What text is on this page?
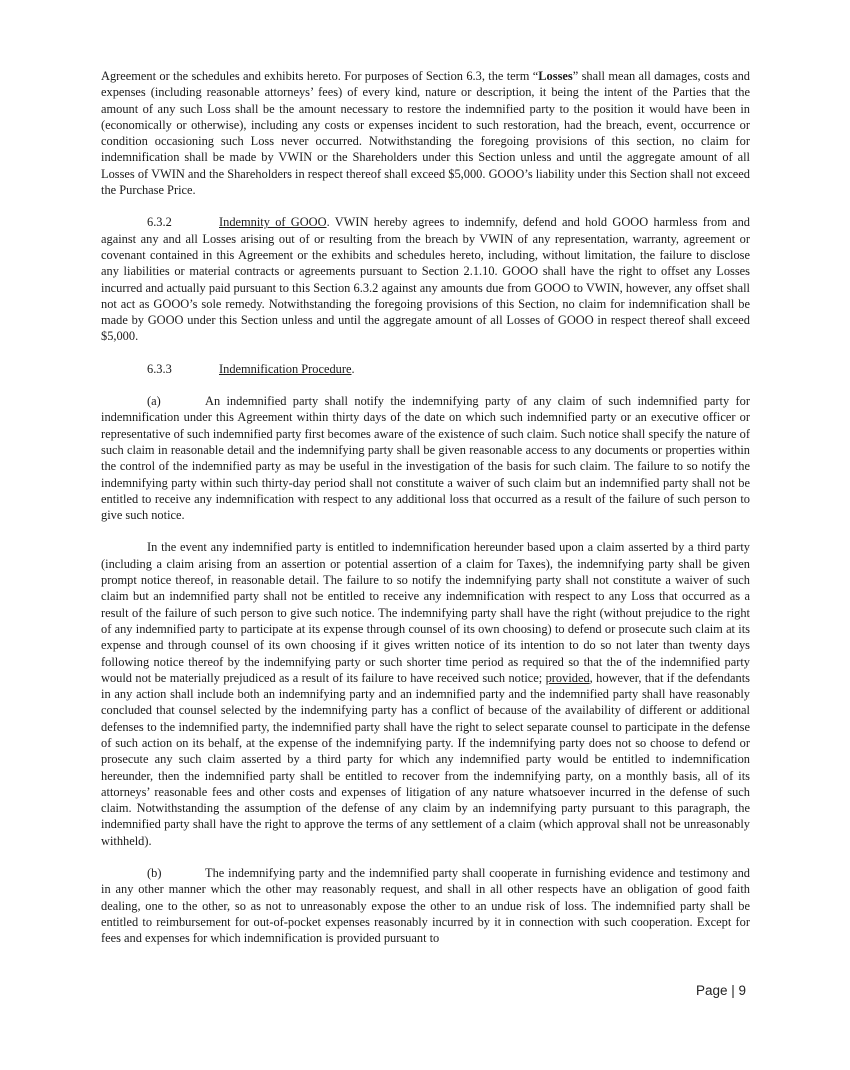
Agreement or the schedules and exhibits hereto. For purposes of Section 6.3, the term “Losses” shall mean all damages, costs and expenses (including reasonable attorneys’ fees) of every kind, nature or description, it being the intent of the Parties that the amount of any such Loss shall be the amount necessary to restore the indemnified party to the position it would have been in (economically or otherwise), including any costs or expenses incident to such restoration, had the breach, event, occurrence or condition occasioning such Loss never occurred. Notwithstanding the foregoing provisions of this section, no claim for indemnification shall be made by VWIN or the Shareholders under this Section unless and until the aggregate amount of all Losses of VWIN and the Shareholders in respect thereof shall exceed $5,000. GOOO’s liability under this Section shall not exceed the Purchase Price.

6.3.2	Indemnity of GOOO. VWIN hereby agrees to indemnify, defend and hold GOOO harmless from and against any and all Losses arising out of or resulting from the breach by VWIN of any representation, warranty, agreement or covenant contained in this Agreement or the exhibits and schedules hereto, including, without limitation, the failure to disclose any liabilities or material contracts or agreements pursuant to Section 2.1.10. GOOO shall have the right to offset any Losses incurred and actually paid pursuant to this Section 6.3.2 against any amounts due from GOOO to VWIN, however, any offset shall not act as GOOO’s sole remedy. Notwithstanding the foregoing provisions of this Section, no claim for indemnification shall be made by GOOO under this Section unless and until the aggregate amount of all Losses of GOOO in respect thereof shall exceed $5,000.

6.3.3	Indemnification Procedure.

(a)	An indemnified party shall notify the indemnifying party of any claim of such indemnified party for indemnification under this Agreement within thirty days of the date on which such indemnified party or an executive officer or representative of such indemnified party first becomes aware of the existence of such claim. Such notice shall specify the nature of such claim in reasonable detail and the indemnifying party shall be given reasonable access to any documents or properties within the control of the indemnified party as may be useful in the investigation of the basis for such claim. The failure to so notify the indemnifying party within such thirty-day period shall not constitute a waiver of such claim but an indemnified party shall not be entitled to receive any indemnification with respect to any additional loss that occurred as a result of the failure of such person to give such notice.

In the event any indemnified party is entitled to indemnification hereunder based upon a claim asserted by a third party (including a claim arising from an assertion or potential assertion of a claim for Taxes), the indemnifying party shall be given prompt notice thereof, in reasonable detail. The failure to so notify the indemnifying party shall not constitute a waiver of such claim but an indemnified party shall not be entitled to receive any indemnification with respect to any Loss that occurred as a result of the failure of such person to give such notice. The indemnifying party shall have the right (without prejudice to the right of any indemnified party to participate at its expense through counsel of its own choosing) to defend or prosecute such claim at its expense and through counsel of its own choosing if it gives written notice of its intention to do so not later than twenty days following notice thereof by the indemnifying party or such shorter time period as required so that the of the indemnified party would not be materially prejudiced as a result of its failure to have received such notice; provided, however, that if the defendants in any action shall include both an indemnifying party and an indemnified party and the indemnified party shall have reasonably concluded that counsel selected by the indemnifying party has a conflict of because of the availability of different or additional defenses to the indemnified party, the indemnified party shall have the right to select separate counsel to participate in the defense of such action on its behalf, at the expense of the indemnifying party. If the indemnifying party does not so choose to defend or prosecute any such claim asserted by a third party for which any indemnified party would be entitled to indemnification hereunder, then the indemnified party shall be entitled to recover from the indemnifying party, on a monthly basis, all of its attorneys’ reasonable fees and other costs and expenses of litigation of any nature whatsoever incurred in the defense of such claim. Notwithstanding the assumption of the defense of any claim by an indemnifying party pursuant to this paragraph, the indemnified party shall have the right to approve the terms of any settlement of a claim (which approval shall not be unreasonably withheld).

(b)	The indemnifying party and the indemnified party shall cooperate in furnishing evidence and testimony and in any other manner which the other may reasonably request, and shall in all other respects have an obligation of good faith dealing, one to the other, so as not to unreasonably expose the other to an undue risk of loss. The indemnified party shall be entitled to reimbursement for out-of-pocket expenses reasonably incurred by it in connection with such cooperation. Except for fees and expenses for which indemnification is provided pursuant to

Page | 9
